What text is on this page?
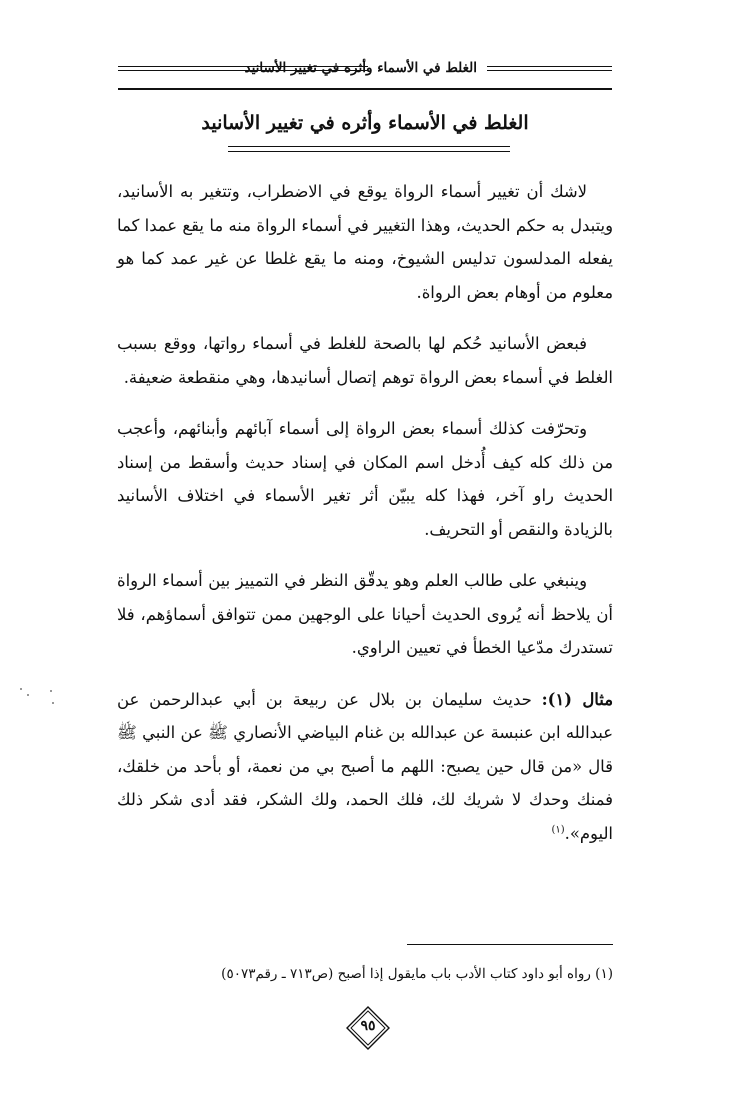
الغلط في الأسماء وأثره في تغيير الأسانيد
الغلط في الأسماء وأثره في تغيير الأسانيد

لاشك أن تغيير أسماء الرواة يوقع في الاضطراب، وتتغير به الأسانيد، ويتبدل به حكم الحديث، وهذا التغيير في أسماء الرواة منه ما يقع عمدا كما يفعله المدلسون تدليس الشيوخ، ومنه ما يقع غلطا عن غير عمد كما هو معلوم من أوهام بعض الرواة.

فبعض الأسانيد حُكم لها بالصحة للغلط في أسماء رواتها، ووقع بسبب الغلط في أسماء بعض الرواة توهم إتصال أسانيدها، وهي منقطعة ضعيفة.

وتحرّفت كذلك أسماء بعض الرواة إلى أسماء آبائهم وأبنائهم، وأعجب من ذلك كله كيف أُدخل اسم المكان في إسناد حديث وأسقط من إسناد الحديث راو آخر، فهذا كله يبيّن أثر تغير الأسماء في اختلاف الأسانيد بالزيادة والنقص أو التحريف.

وينبغي على طالب العلم وهو يدقّق النظر في التمييز بين أسماء الرواة أن يلاحظ أنه يُروى الحديث أحيانا على الوجهين ممن تتوافق أسماؤهم، فلا تستدرك مدّعيا الخطأ في تعيين الراوي.

مثال (١): حديث سليمان بن بلال عن ربيعة بن أبي عبدالرحمن عن عبدالله ابن عنبسة عن عبدالله بن غنام البياضي الأنصاري ﷺ عن النبي ﷺ قال «من قال حين يصبح: اللهم ما أصبح بي من نعمة، أو بأحد من خلقك، فمنك وحدك لا شريك لك، فلك الحمد، ولك الشكر، فقد أدى شكر ذلك اليوم».$^{(١)}$

(١) رواه أبو داود كتاب الأدب باب مايقول إذا أصبح (ص٧١٣ ـ رقم٥٠٧٣)
٩٥
